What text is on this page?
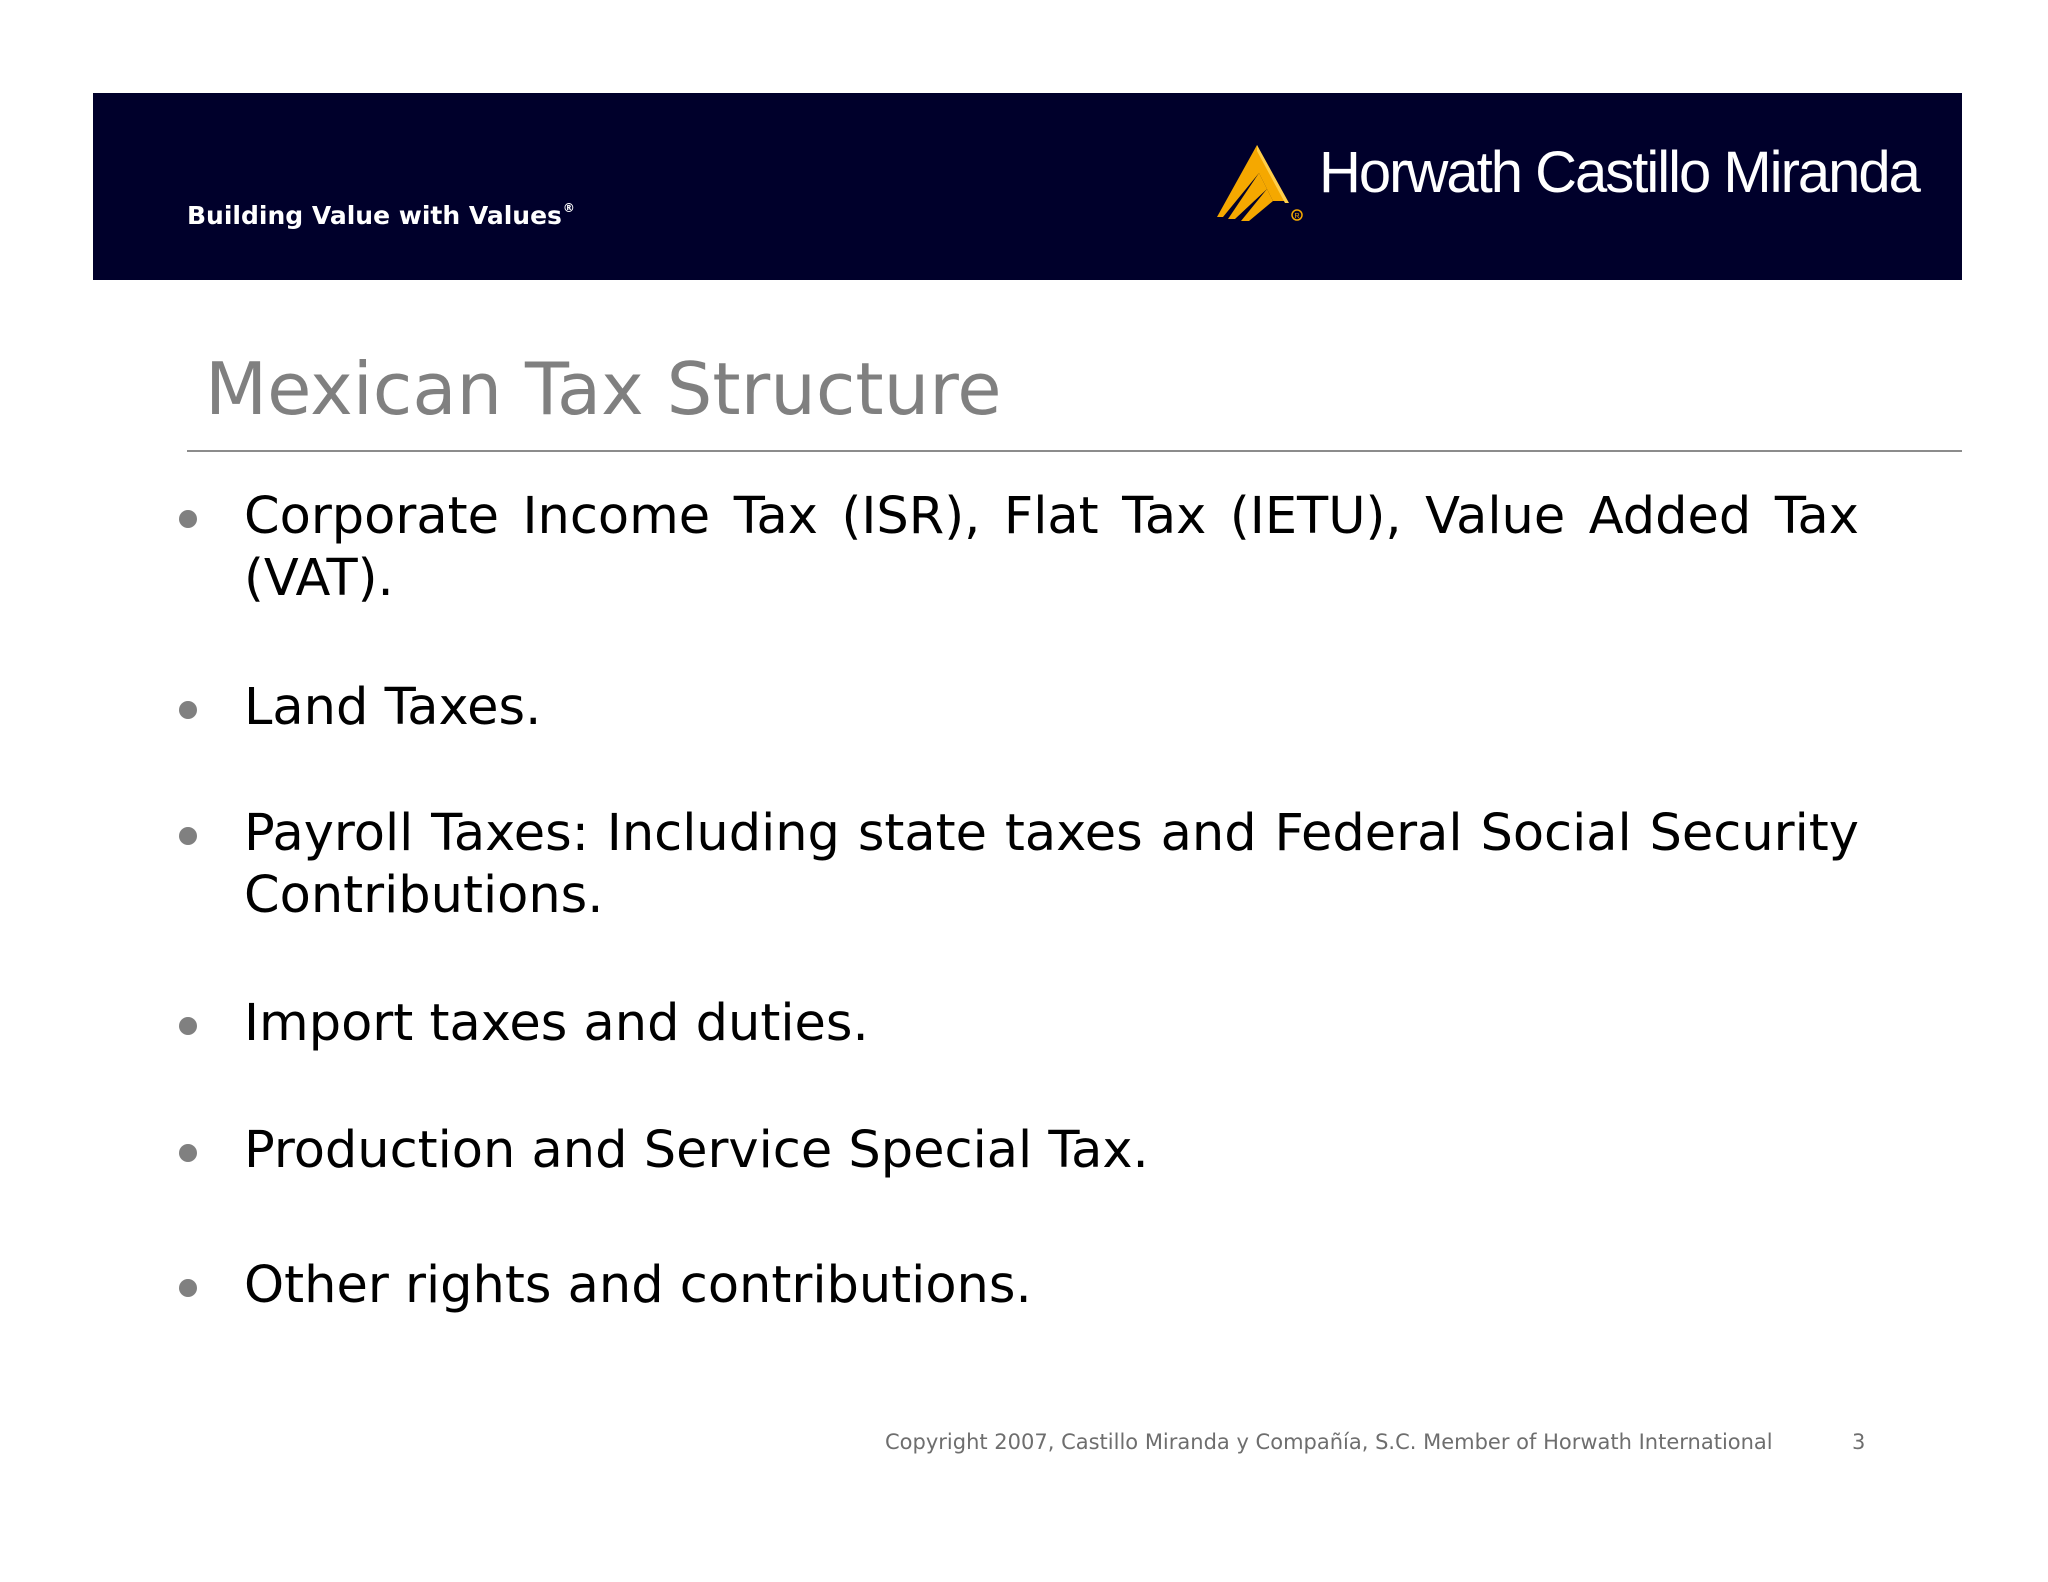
Building Value with Values®
R
Horwath Castillo Miranda
Mexican Tax Structure
Corporate Income Tax (ISR), Flat Tax (IETU), Value Added Tax (VAT).
Land Taxes.
Payroll Taxes: Including state taxes and Federal Social Security Contributions.
Import taxes and duties.
Production and Service Special Tax.
Other rights and contributions.
Copyright 2007, Castillo Miranda y Compañía, S.C. Member of Horwath International	3
